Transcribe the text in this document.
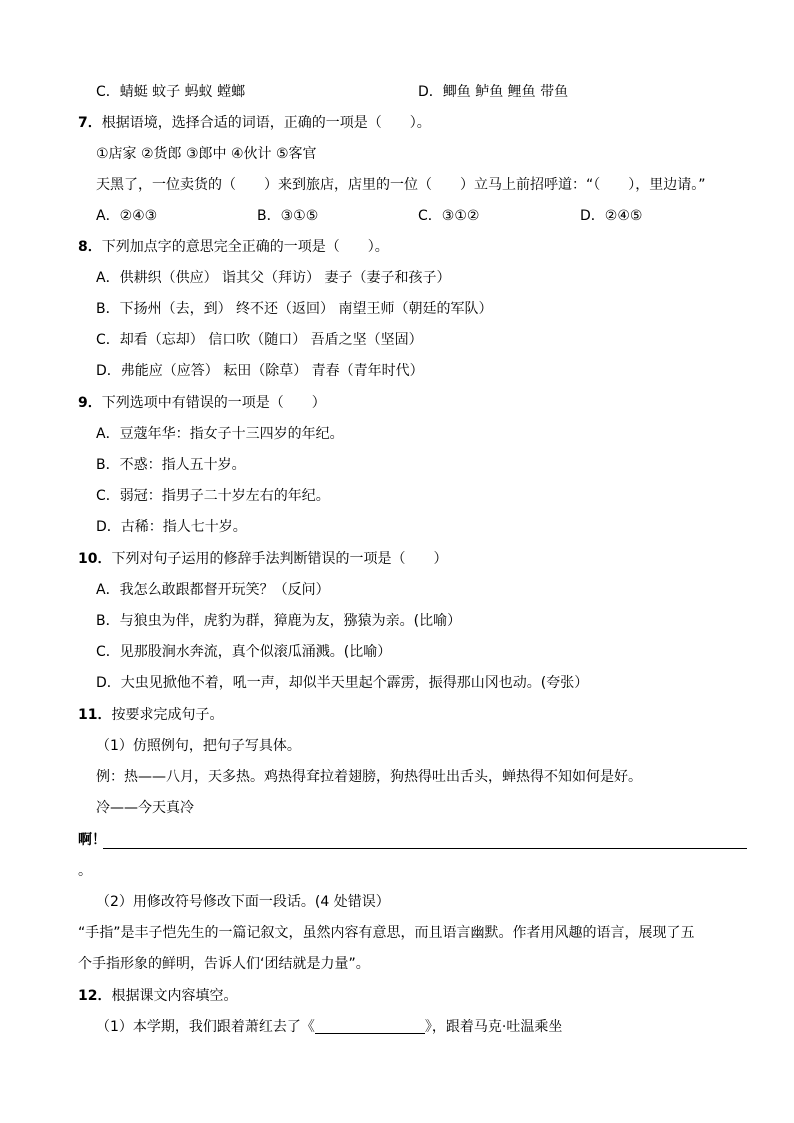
C．蜻蜓 蚊子 蚂蚁 螳螂	D．鲫鱼 鲈鱼 鲤鱼 带鱼
7．根据语境，选择合适的词语，正确的一项是（　　）。
①店家 ②货郎 ③郎中 ④伙计 ⑤客官
天黑了，一位卖货的（　　）来到旅店，店里的一位（　　）立马上前招呼道：“（　　），里边请。”
A．②④③	B．③①⑤	C．③①②	D．②④⑤
8．下列加点字的意思完全正确的一项是（　　）。
A．供耕织（供应） 诣其父（拜访） 妻子（妻子和孩子）
B．下扬州（去，到） 终不还（返回） 南望王师（朝廷的军队）
C．却看（忘却） 信口吹（随口） 吾盾之坚（坚固）
D．弗能应（应答） 耘田（除草） 青春（青年时代）
9．下列选项中有错误的一项是（　　）
A．豆蔻年华：指女子十三四岁的年纪。
B．不惑：指人五十岁。
C．弱冠：指男子二十岁左右的年纪。
D．古稀：指人七十岁。
10．下列对句子运用的修辞手法判断错误的一项是（　　）
A．我怎么敢跟都督开玩笑？（反问）
B．与狼虫为伴，虎豹为群，獐鹿为友，猕猿为亲。(比喻）
C．见那股涧水奔流，真个似滚瓜涌溅。(比喻）
D．大虫见掀他不着，吼一声，却似半天里起个霹雳，振得那山冈也动。(夸张）
11．按要求完成句子。
（1）仿照例句，把句子写具体。
例：热——八月，天多热。鸡热得耷拉着翅膀，狗热得吐出舌头，蝉热得不知如何是好。
冷——今天真冷
啊！
。
（2）用修改符号修改下面一段话。(4 处错误）
“手指”是丰子恺先生的一篇记叙文，虽然内容有意思，而且语言幽默。作者用风趣的语言，展现了五
个手指形象的鲜明，告诉人们‘团结就是力量”。
12．根据课文内容填空。
（1）本学期，我们跟着萧红去了《	》，跟着马克·吐温乘坐
